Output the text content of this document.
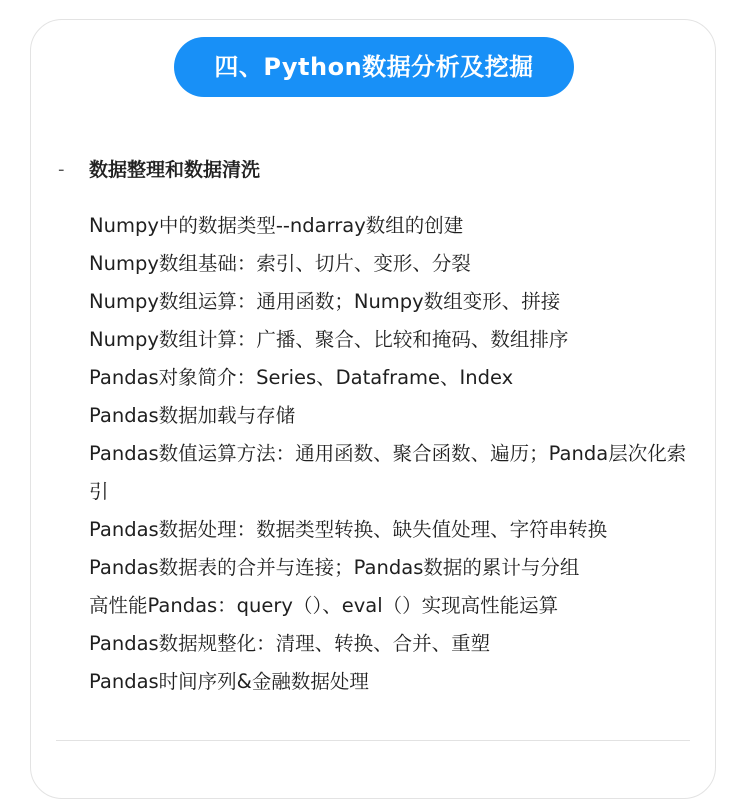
四、Python数据分析及挖掘
- 数据整理和数据清洗
Numpy中的数据类型--ndarray数组的创建
Numpy数组基础：索引、切片、变形、分裂
Numpy数组运算：通用函数；Numpy数组变形、拼接
Numpy数组计算：广播、聚合、比较和掩码、数组排序
Pandas对象简介：Series、Dataframe、Index
Pandas数据加载与存储
Pandas数值运算方法：通用函数、聚合函数、遍历；Panda层次化索引
Pandas数据处理：数据类型转换、缺失值处理、字符串转换
Pandas数据表的合并与连接；Pandas数据的累计与分组
高性能Pandas：query（）、eval（）实现高性能运算
Pandas数据规整化：清理、转换、合并、重塑
Pandas时间序列&金融数据处理
